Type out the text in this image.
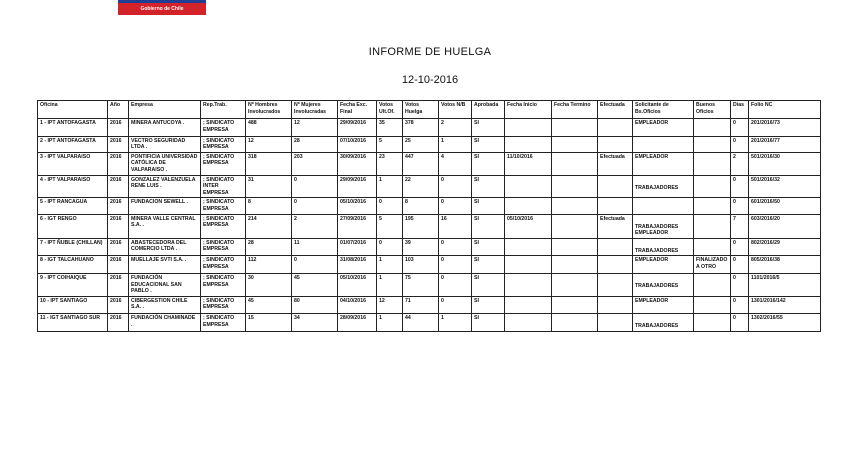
Gobierno de Chile
INFORME DE HUELGA
12-10-2016
Oficina	Año	Empresa	Rep.Trab.	Nº Hombres Involucrados	Nº Mujeres Involucradas	Fecha Exc. Final	Votos Ult.Of.	Votos Huelga	Votos N/B	Aprobada	Fecha Inicio	Fecha Termino	Efectuada	Solicitante de Bs.Oficios	Buenos Oficios	Días	Folio NC
1 - IPT ANTOFAGASTA	2016	MINERA ANTUCOYA .	; SINDICATO EMPRESA	488	12	29/09/2016	35	378	2	SI				EMPLEADOR		0	201/2016/73
2 - IPT ANTOFAGASTA	2016	VECTRO SEGURIDAD LTDA .	; SINDICATO EMPRESA	12	28	07/10/2016	5	25	1	SI						0	201/2016/77
3 - IPT VALPARAISO	2016	PONTIFICIA UNIVERSIDAD CATÓLICA DE VALPARAISO .	; SINDICATO EMPRESA	318	203	30/09/2016	23	447	4	SI	11/10/2016		Efectuada	EMPLEADOR		2	501/2016/30
4 - IPT VALPARAISO	2016	GONZALEZ VALENZUELA RENE LUIS .	; SINDICATO INTER EMPRESA	31	0	29/09/2016	1	22	0	SI				TRABAJADORES		0	501/2016/32
5 - IPT RANCAGUA	2016	FUNDACION SEWELL .	; SINDICATO EMPRESA	8	0	05/10/2016	0	8	0	SI						0	601/2016/50
6 - IGT RENGO	2016	MINERA VALLE CENTRAL S.A. .	; SINDICATO EMPRESA	214	2	27/09/2016	5	195	16	SI	05/10/2016		Efectuada	TRABAJADORES EMPLEADOR		7	603/2016/20
7 - IPT ÑUBLE (CHILLAN)	2016	ABASTECEDORA DEL COMERCIO LTDA .	; SINDICATO EMPRESA	28	11	01/07/2016	0	39	0	SI				TRABAJADORES		0	802/2016/29
8 - IGT TALCAHUANO	2016	MUELLAJE SVTI S.A. .	; SINDICATO EMPRESA	112	0	31/08/2016	1	103	0	SI				EMPLEADOR	FINALIZADO A OTRO	0	805/2016/38
9 - IPT COIHAIQUE	2016	FUNDACIÓN EDUCACIONAL SAN PABLO .	; SINDICATO EMPRESA	30	45	05/10/2016	1	75	0	SI				TRABAJADORES		0	1101/2016/5
10 - IPT SANTIAGO	2016	CIBERGESTION CHILE S.A. .	; SINDICATO EMPRESA	45	80	04/10/2016	12	71	0	SI				EMPLEADOR		0	1301/2016/142
11 - IGT SANTIAGO SUR	2016	FUNDACIÓN CHAMINADE .	; SINDICATO EMPRESA	15	34	28/09/2016	1	44	1	SI				TRABAJADORES		0	1302/2016/55
